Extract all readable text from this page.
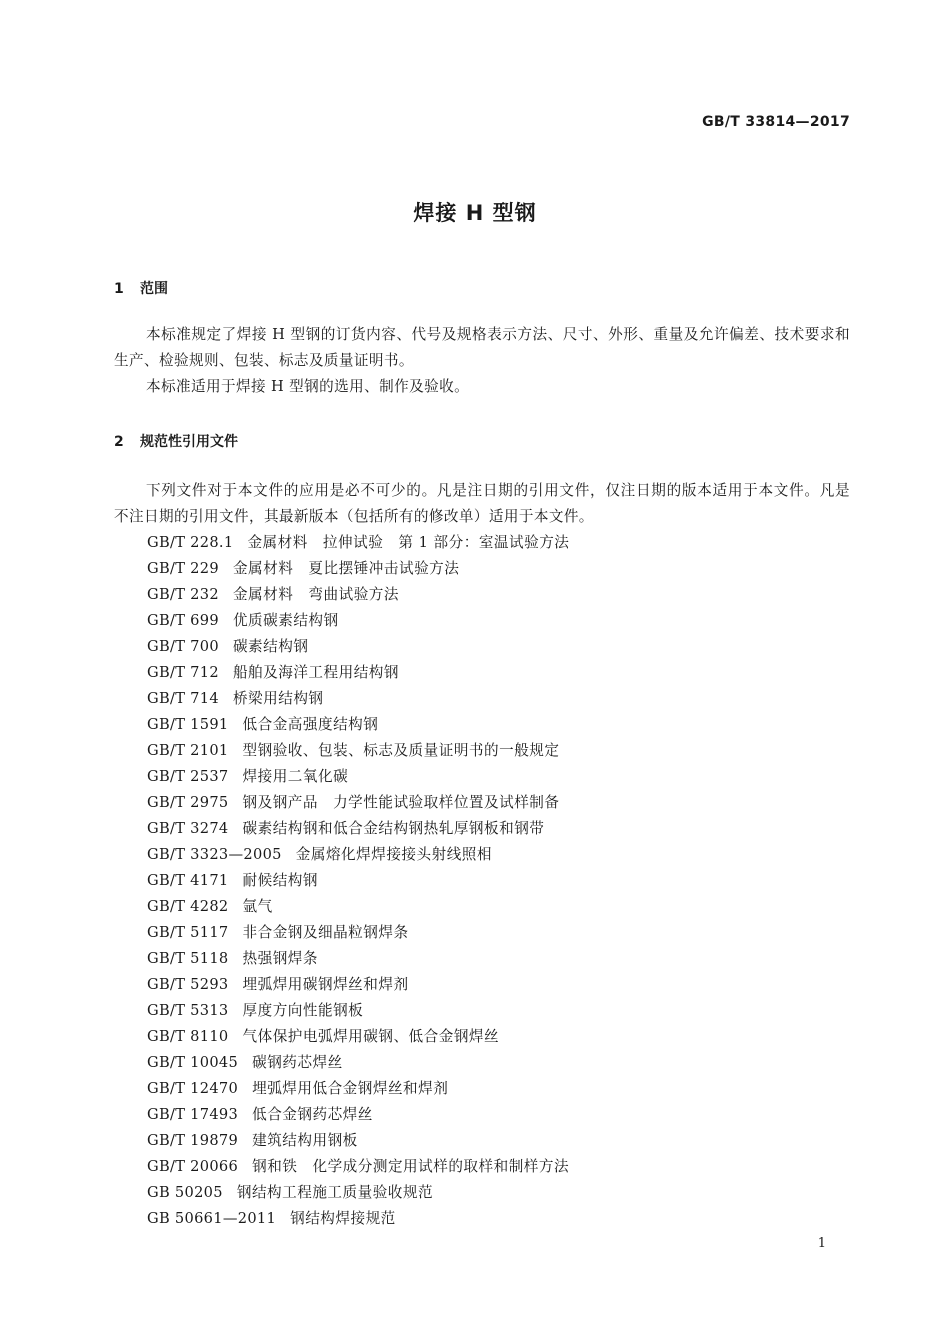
GB/T 33814—2017
焊接 H 型钢
1 范围

本标准规定了焊接 H 型钢的订货内容、代号及规格表示方法、尺寸、外形、重量及允许偏差、技术要求和生产、检验规则、包装、标志及质量证明书。

本标准适用于焊接 H 型钢的选用、制作及验收。

2 规范性引用文件

下列文件对于本文件的应用是必不可少的。凡是注日期的引用文件，仅注日期的版本适用于本文件。凡是不注日期的引用文件，其最新版本（包括所有的修改单）适用于本文件。

GB/T 228.1 金属材料　拉伸试验　第 1 部分：室温试验方法
GB/T 229 金属材料　夏比摆锤冲击试验方法
GB/T 232 金属材料　弯曲试验方法
GB/T 699 优质碳素结构钢
GB/T 700 碳素结构钢
GB/T 712 船舶及海洋工程用结构钢
GB/T 714 桥梁用结构钢
GB/T 1591 低合金高强度结构钢
GB/T 2101 型钢验收、包装、标志及质量证明书的一般规定
GB/T 2537 焊接用二氧化碳
GB/T 2975 钢及钢产品　力学性能试验取样位置及试样制备
GB/T 3274 碳素结构钢和低合金结构钢热轧厚钢板和钢带
GB/T 3323—2005 金属熔化焊焊接接头射线照相
GB/T 4171 耐候结构钢
GB/T 4282 氩气
GB/T 5117 非合金钢及细晶粒钢焊条
GB/T 5118 热强钢焊条
GB/T 5293 埋弧焊用碳钢焊丝和焊剂
GB/T 5313 厚度方向性能钢板
GB/T 8110 气体保护电弧焊用碳钢、低合金钢焊丝
GB/T 10045 碳钢药芯焊丝
GB/T 12470 埋弧焊用低合金钢焊丝和焊剂
GB/T 17493 低合金钢药芯焊丝
GB/T 19879 建筑结构用钢板
GB/T 20066 钢和铁　化学成分测定用试样的取样和制样方法
GB 50205 钢结构工程施工质量验收规范
GB 50661—2011 钢结构焊接规范
1
